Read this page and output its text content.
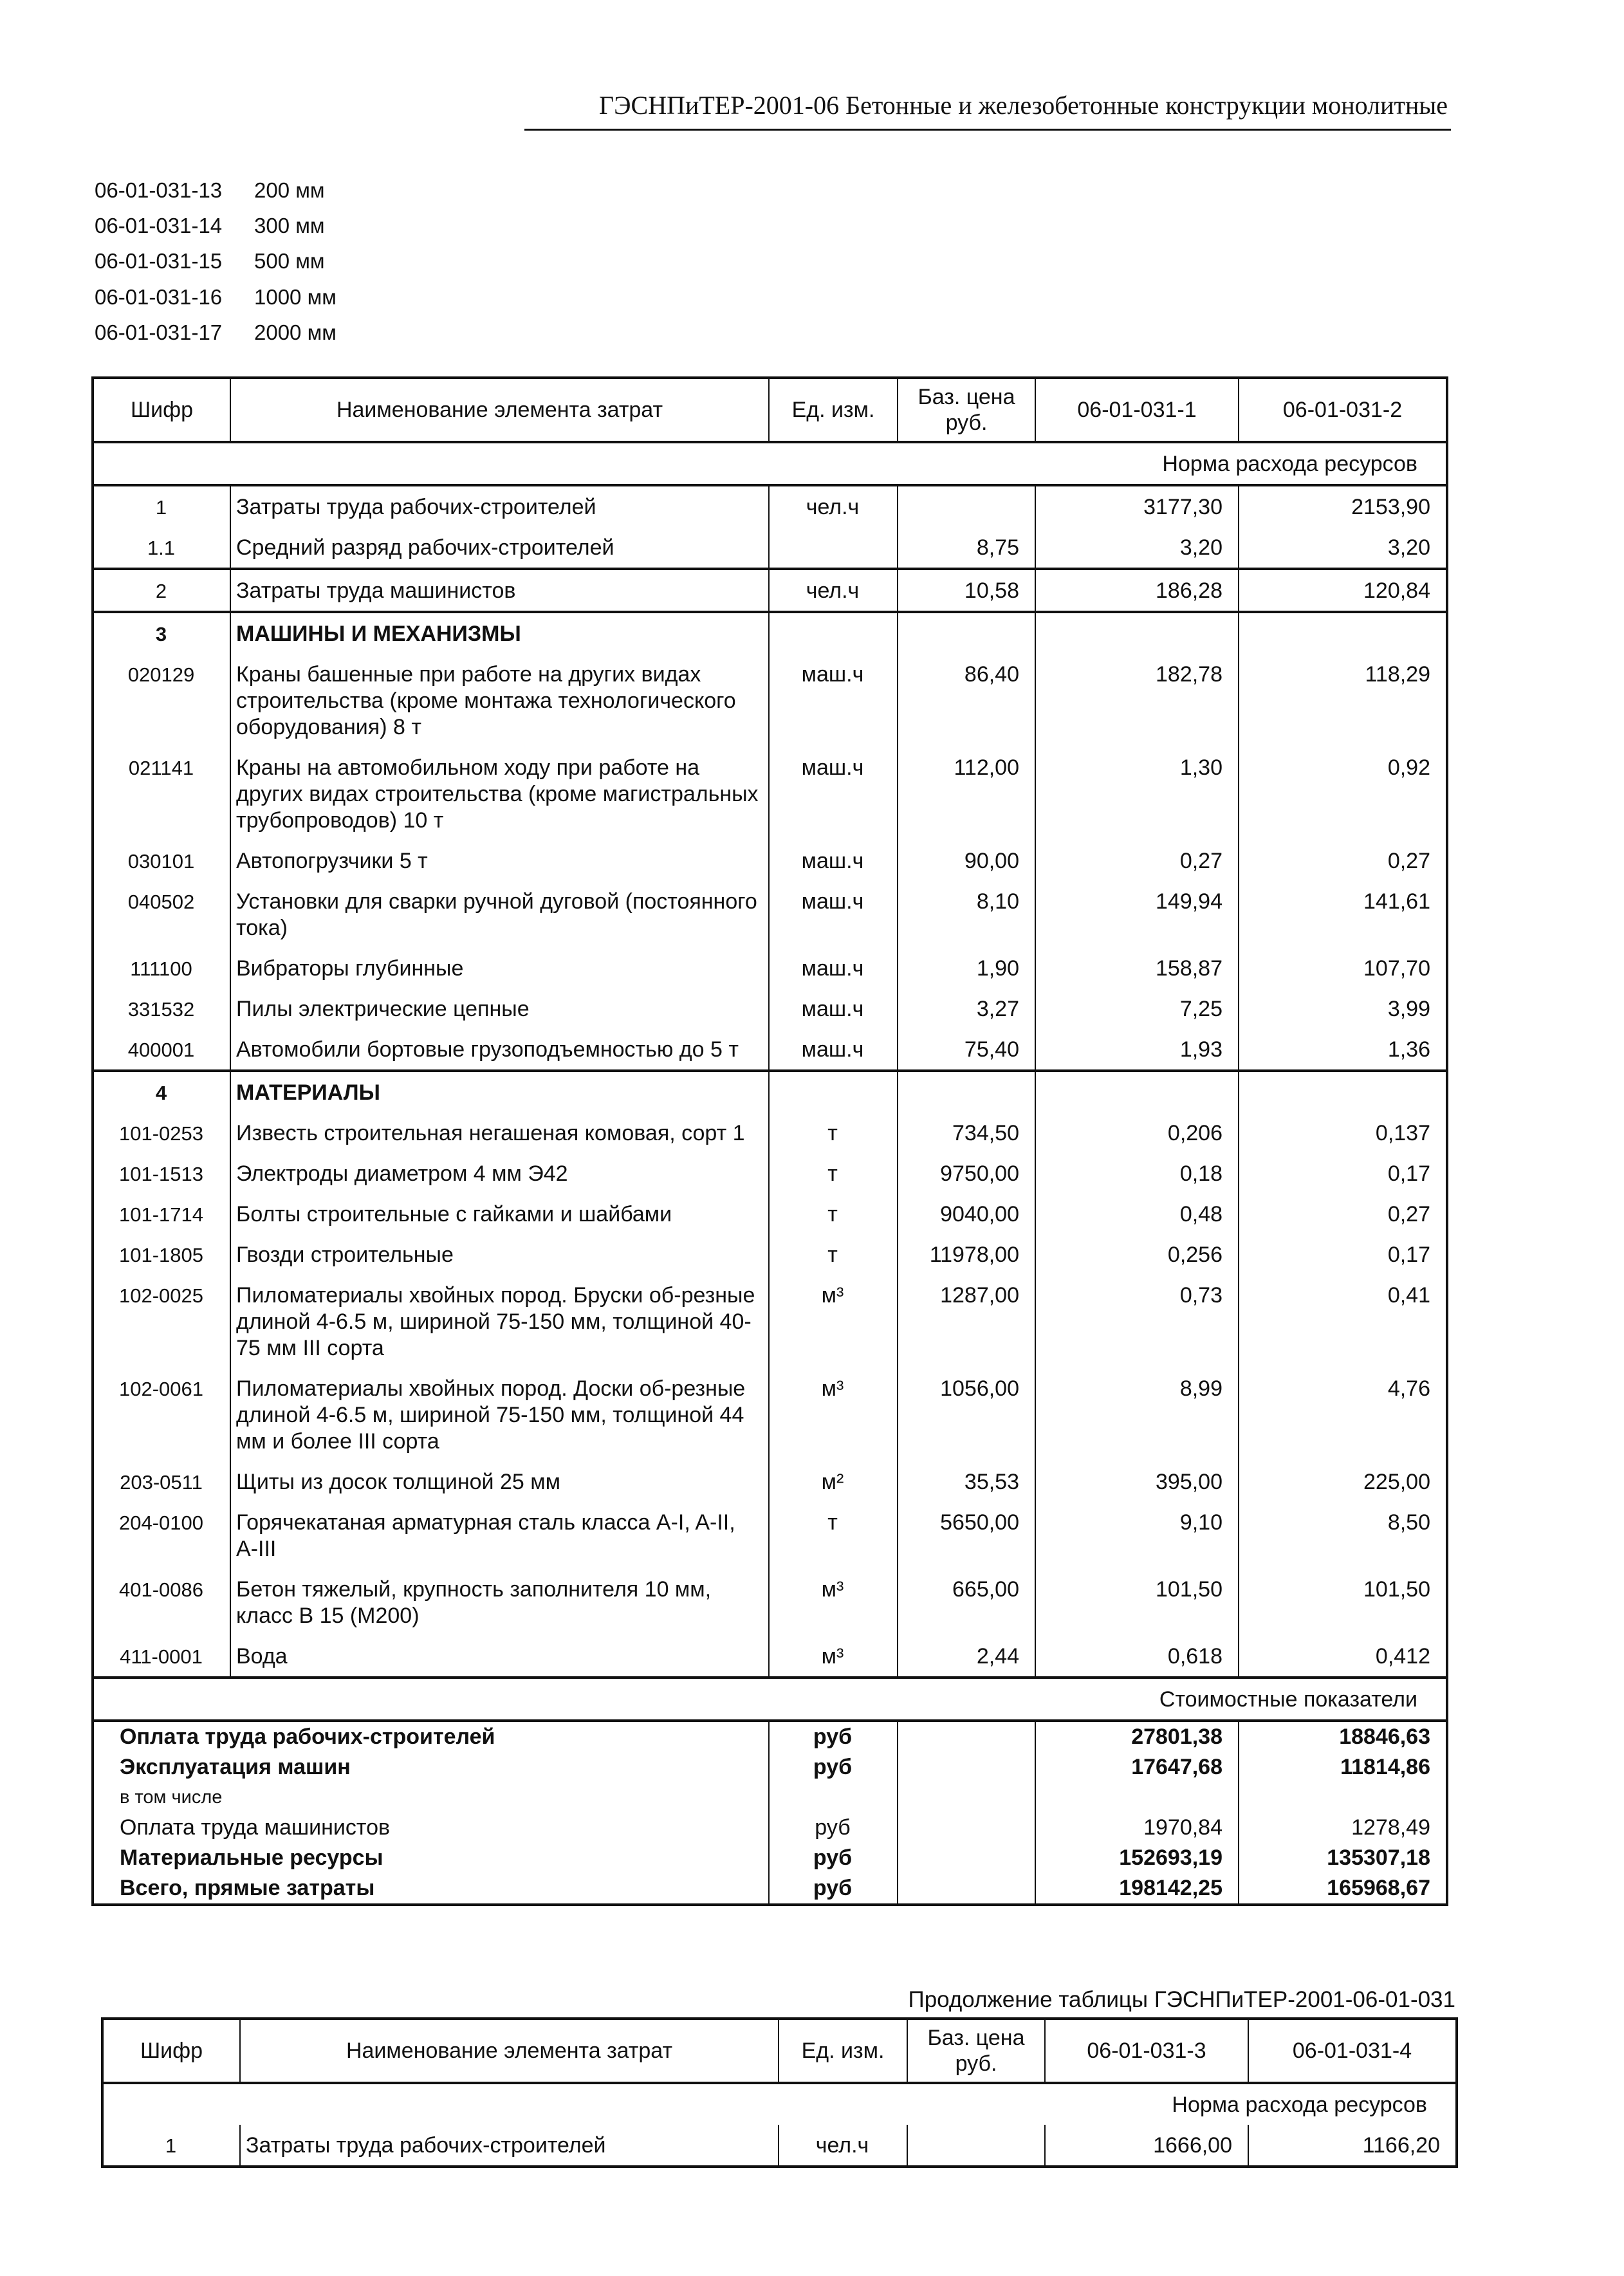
ГЭСНПиТЕР-2001-06 Бетонные и железобетонные конструкции монолитные
06-01-031-13 200 мм
06-01-031-14 300 мм
06-01-031-15 500 мм
06-01-031-16 1000 мм
06-01-031-17 2000 мм
Шифр	Наименование элемента затрат	Ед. изм.	Баз. цена руб.	06-01-031-1	06-01-031-2
Норма расхода ресурсов					
1	Затраты труда рабочих-строителей	чел.ч		3177,30	2153,90
1.1	Средний разряд рабочих-строителей		8,75	3,20	3,20
2	Затраты труда машинистов	чел.ч	10,58	186,28	120,84
3	МАШИНЫ И МЕХАНИЗМЫ				
020129	Краны башенные при работе на других видах строительства (кроме монтажа технологического оборудования) 8 т	маш.ч	86,40	182,78	118,29
021141	Краны на автомобильном ходу при работе на других видах строительства (кроме магистральных трубопроводов) 10 т	маш.ч	112,00	1,30	0,92
030101	Автопогрузчики 5 т	маш.ч	90,00	0,27	0,27
040502	Установки для сварки ручной дуговой (постоянного тока)	маш.ч	8,10	149,94	141,61
111100	Вибраторы глубинные	маш.ч	1,90	158,87	107,70
331532	Пилы электрические цепные	маш.ч	3,27	7,25	3,99
400001	Автомобили бортовые грузоподъемностью до 5 т	маш.ч	75,40	1,93	1,36
4	МАТЕРИАЛЫ				
101-0253	Известь строительная негашеная комовая, сорт 1	т	734,50	0,206	0,137
101-1513	Электроды диаметром 4 мм Э42	т	9750,00	0,18	0,17
101-1714	Болты строительные с гайками и шайбами	т	9040,00	0,48	0,27
101-1805	Гвозди строительные	т	11978,00	0,256	0,17
102-0025	Пиломатериалы хвойных пород. Бруски об-резные длиной 4-6.5 м, шириной 75-150 мм, толщиной 40-75 мм III сорта	м³	1287,00	0,73	0,41
102-0061	Пиломатериалы хвойных пород. Доски об-резные длиной 4-6.5 м, шириной 75-150 мм, толщиной 44 мм и более III сорта	м³	1056,00	8,99	4,76
203-0511	Щиты из досок толщиной 25 мм	м²	35,53	395,00	225,00
204-0100	Горячекатаная арматурная сталь класса A-I, A-II, A-III	т	5650,00	9,10	8,50
401-0086	Бетон тяжелый, крупность заполнителя 10 мм, класс В 15 (М200)	м³	665,00	101,50	101,50
411-0001	Вода	м³	2,44	0,618	0,412
Стоимостные показатели					
Оплата труда рабочих-строителей		руб		27801,38	18846,63
Эксплуатация машин		руб		17647,68	11814,86
в том числе					
Оплата труда машинистов		руб		1970,84	1278,49
Материальные ресурсы		руб		152693,19	135307,18
Всего, прямые затраты		руб		198142,25	165968,67
Продолжение таблицы ГЭСНПиТЕР-2001-06-01-031
Шифр	Наименование элемента затрат	Ед. изм.	Баз. цена руб.	06-01-031-3	06-01-031-4
Норма расхода ресурсов					
1	Затраты труда рабочих-строителей	чел.ч		1666,00	1166,20
